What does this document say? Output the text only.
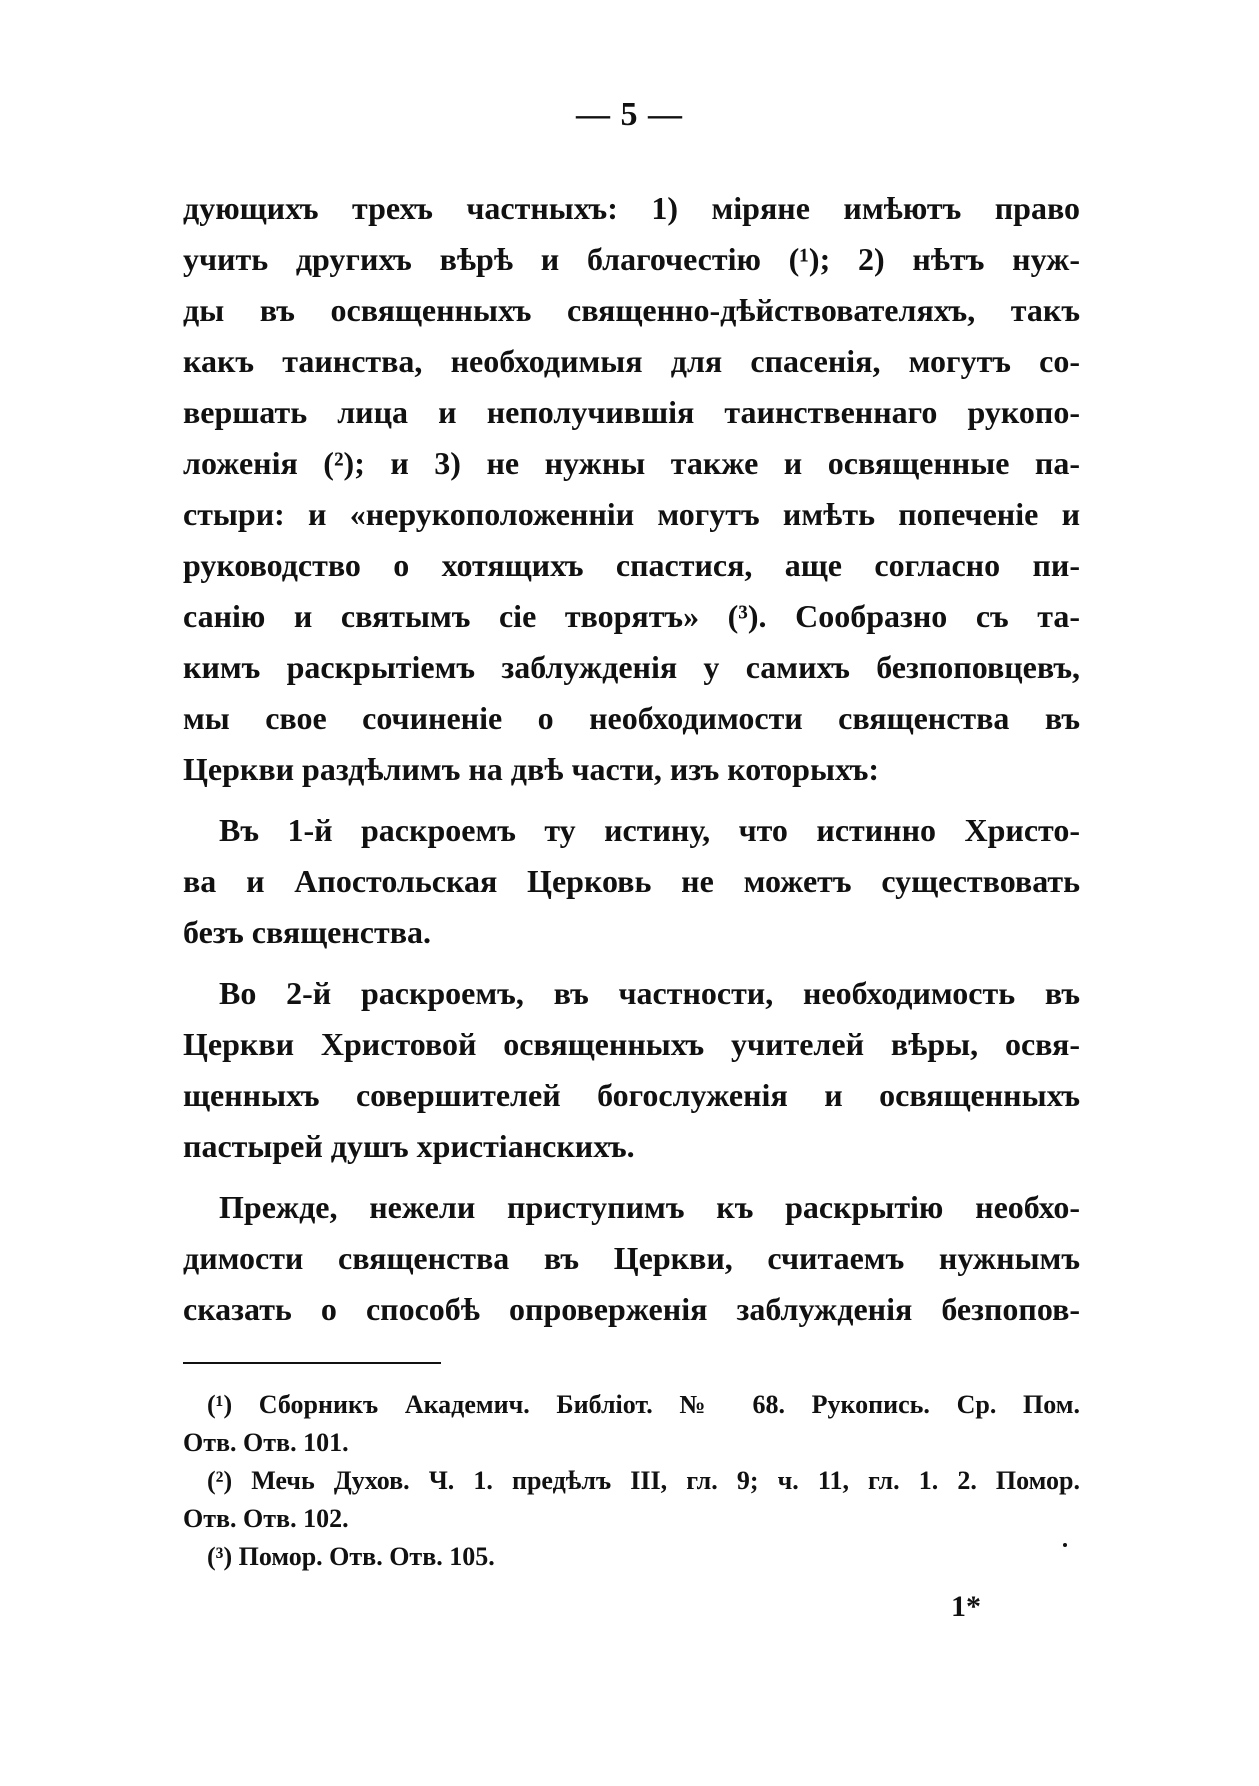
— 5 —
дующихъ трехъ частныхъ: 1) міряне имѣютъ право
учить другихъ вѣрѣ и благочестію (¹); 2) нѣтъ нуж-
ды въ освященныхъ священно-дѣйствователяхъ, такъ
какъ таинства, необходимыя для спасенія, могутъ со-
вершать лица и неполучившія таинственнаго рукопо-
ложенія (²); и 3) не нужны также и освященные па-
стыри: и «нерукоположенніи могутъ имѣть попеченіе и
руководство о хотящихъ спастися, аще согласно пи-
санію и святымъ сіе творятъ» (³). Сообразно съ та-
кимъ раскрытіемъ заблужденія у самихъ безпоповцевъ,
мы свое сочиненіе о необходимости священства въ
Церкви раздѣлимъ на двѣ части, изъ которыхъ:
Въ 1-й раскроемъ ту истину, что истинно Христо-
ва и Апостольская Церковь не можетъ существовать
безъ священства.
Во 2-й раскроемъ, въ частности, необходимость въ
Церкви Христовой освященныхъ учителей вѣры, освя-
щенныхъ совершителей богослуженія и освященныхъ
пастырей душъ христіанскихъ.
Прежде, нежели приступимъ къ раскрытію необхо-
димости священства въ Церкви, считаемъ нужнымъ
сказать о способѣ опроверженія заблужденія безпопов-
(¹) Сборникъ Академич. Библіот. № 68. Рукопись. Ср. Пом.
Отв. Отв. 101.
(²) Мечь Духов. Ч. 1. предѣлъ III, гл. 9; ч. 11, гл. 1. 2. Помор.
Отв. Отв. 102.
(³) Помор. Отв. Отв. 105.
1*
